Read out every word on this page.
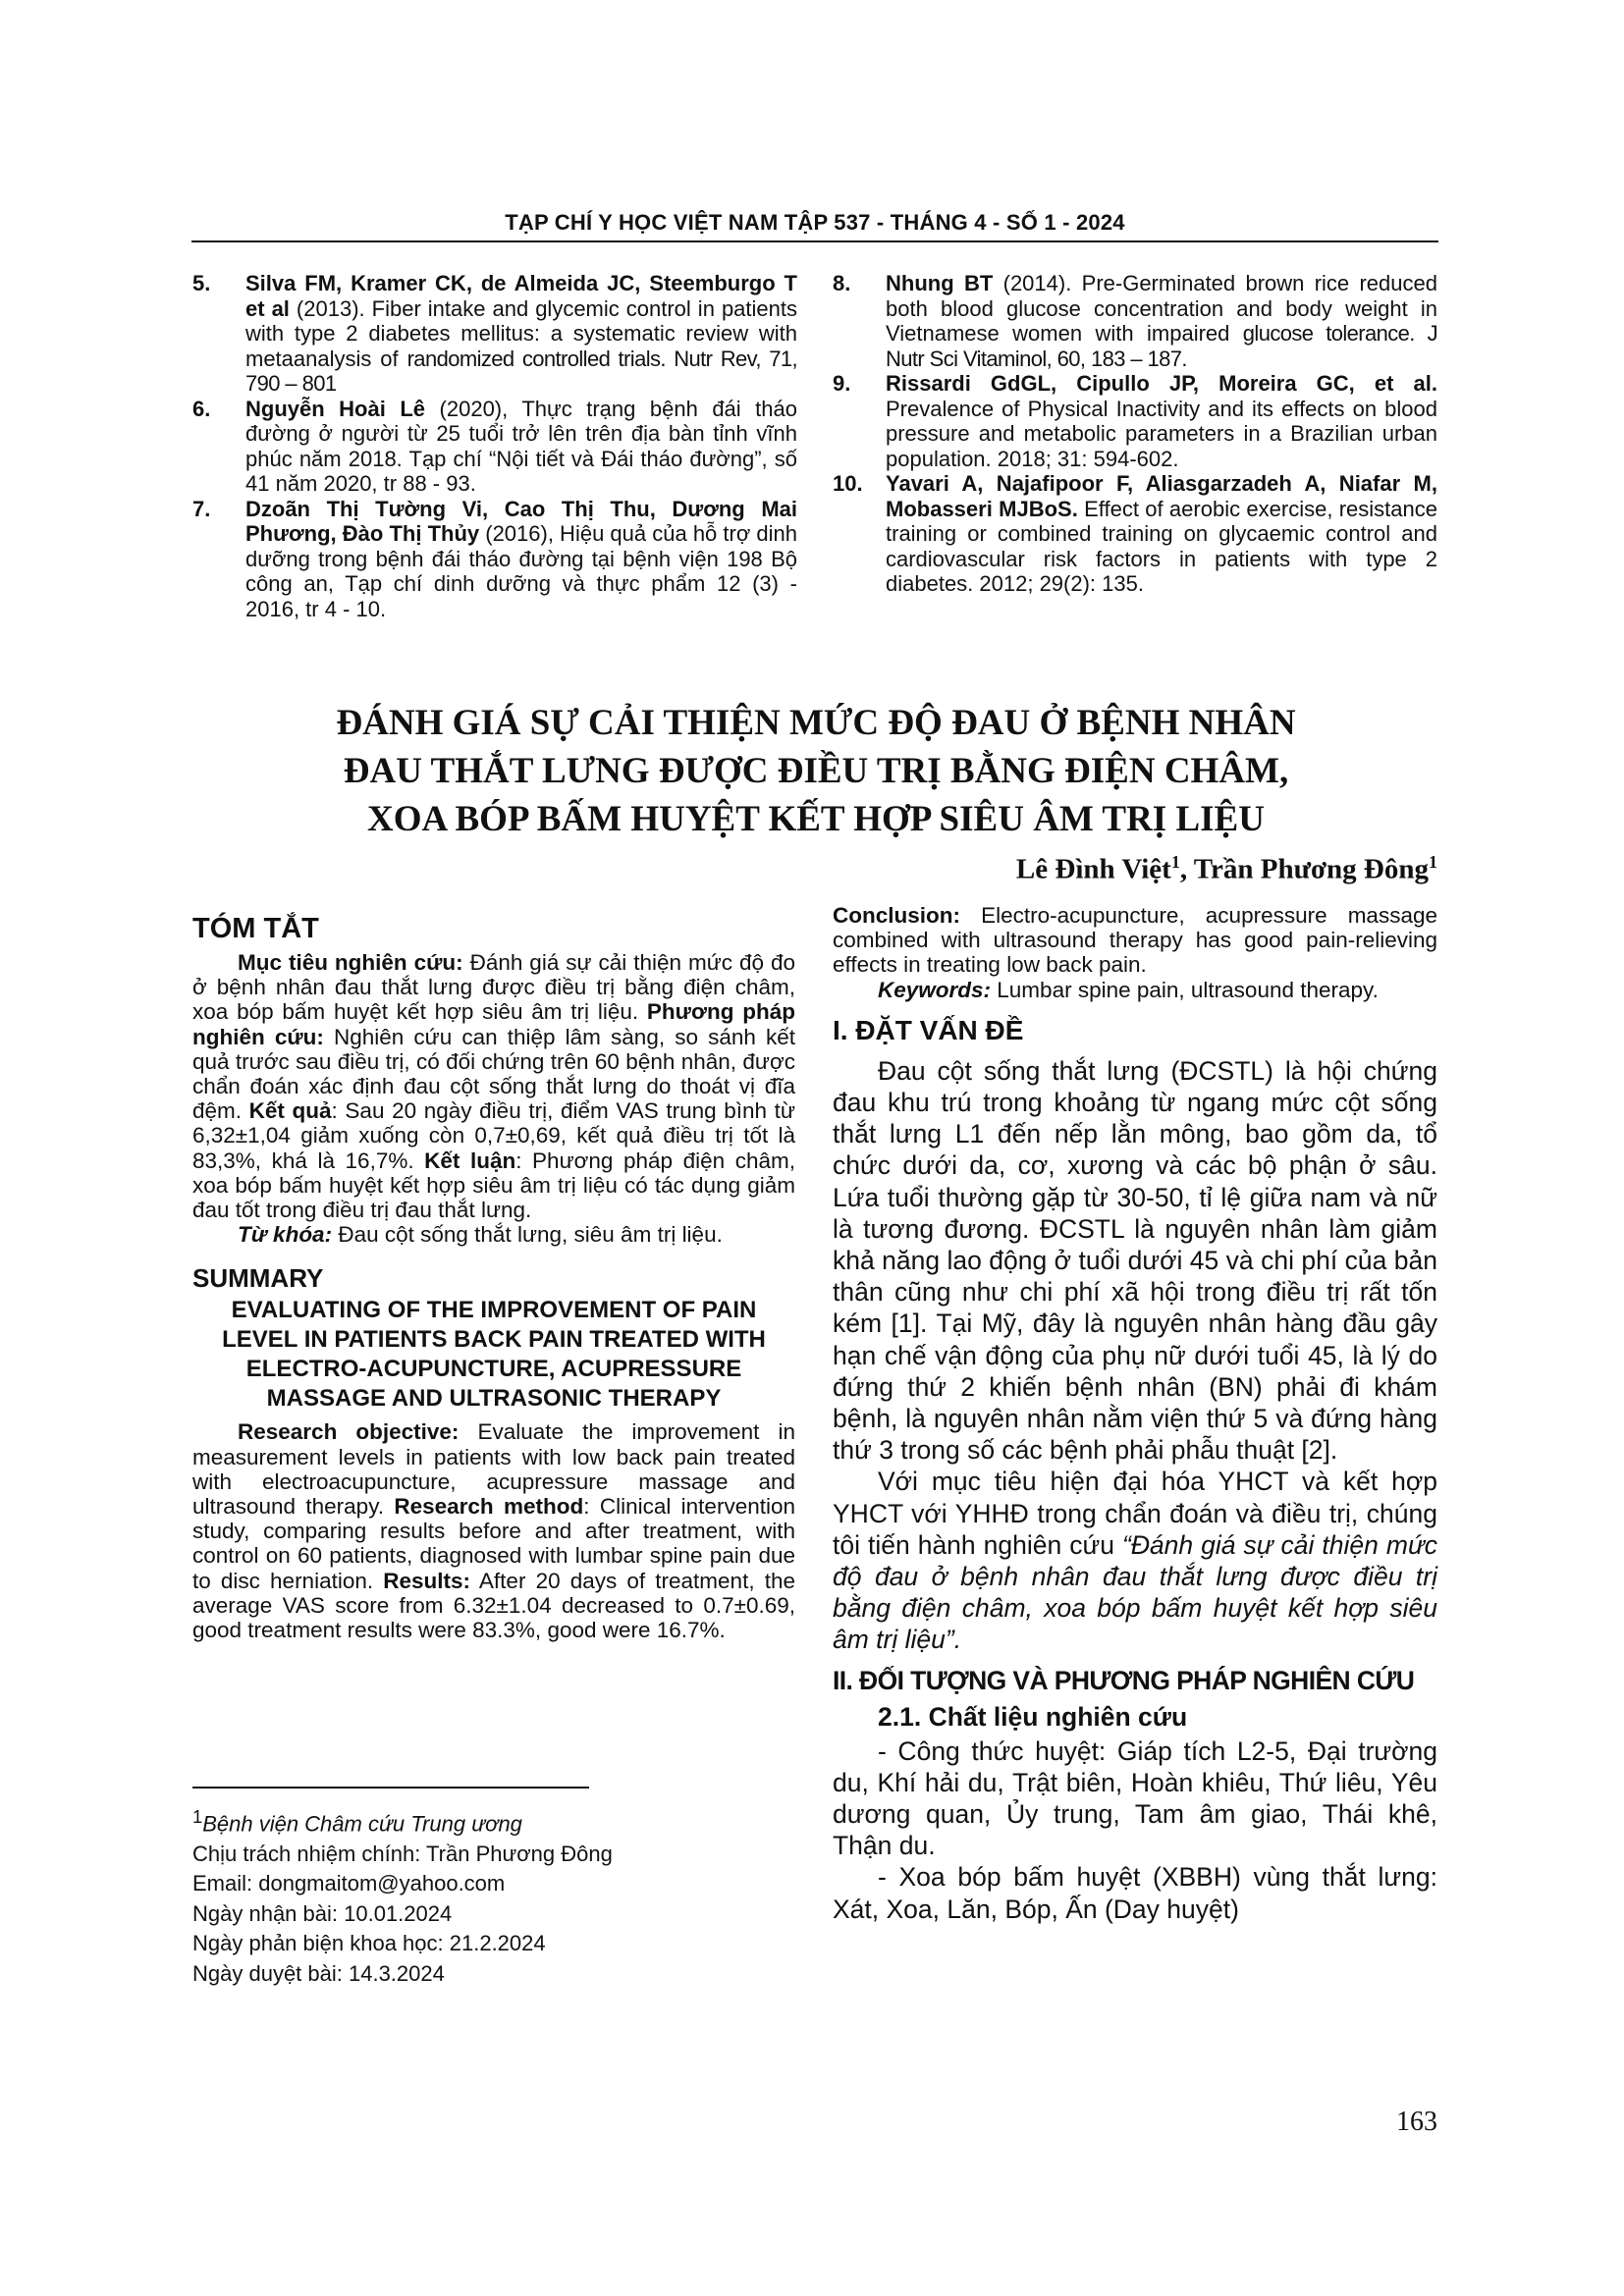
TẠP CHÍ Y HỌC VIỆT NAM TẬP 537 - THÁNG 4 - SỐ 1 - 2024
5.	Silva FM, Kramer CK, de Almeida JC, Steemburgo T et al (2013). Fiber intake and glycemic control in patients with type 2 diabetes mellitus: a systematic review with metaanalysis of randomized controlled trials. Nutr Rev, 71, 790 – 801
6.	Nguyễn Hoài Lê (2020), Thực trạng bệnh đái tháo đường ở người từ 25 tuổi trở lên trên địa bàn tỉnh vĩnh phúc năm 2018. Tạp chí “Nội tiết và Đái tháo đường”, số 41 năm 2020, tr 88 - 93.
7.	Dzoãn Thị Tường Vi, Cao Thị Thu, Dương Mai Phương, Đào Thị Thủy (2016), Hiệu quả của hỗ trợ dinh dưỡng trong bệnh đái tháo đường tại bệnh viện 198 Bộ công an, Tạp chí dinh dưỡng và thực phẩm 12 (3) - 2016, tr 4 - 10.
8.	Nhung BT (2014). Pre-Germinated brown rice reduced both blood glucose concentration and body weight in Vietnamese women with impaired glucose tolerance. J Nutr Sci Vitaminol, 60, 183 – 187.
9.	Rissardi GdGL, Cipullo JP, Moreira GC, et al. Prevalence of Physical Inactivity and its effects on blood pressure and metabolic parameters in a Brazilian urban population. 2018; 31: 594-602.
10.	Yavari A, Najafipoor F, Aliasgarzadeh A, Niafar M, Mobasseri MJBoS. Effect of aerobic exercise, resistance training or combined training on glycaemic control and cardiovascular risk factors in patients with type 2 diabetes. 2012; 29(2): 135.
ĐÁNH GIÁ SỰ CẢI THIỆN MỨC ĐỘ ĐAU Ở BỆNH NHÂN
ĐAU THẮT LƯNG ĐƯỢC ĐIỀU TRỊ BẰNG ĐIỆN CHÂM,
XOA BÓP BẤM HUYỆT KẾT HỢP SIÊU ÂM TRỊ LIỆU
Lê Đình Việt$^1$, Trần Phương Đông$^1$
TÓM TẮT

Mục tiêu nghiên cứu: Đánh giá sự cải thiện mức độ đo ở bệnh nhân đau thắt lưng được điều trị bằng điện châm, xoa bóp bấm huyệt kết hợp siêu âm trị liệu. Phương pháp nghiên cứu: Nghiên cứu can thiệp lâm sàng, so sánh kết quả trước sau điều trị, có đối chứng trên 60 bệnh nhân, được chẩn đoán xác định đau cột sống thắt lưng do thoát vị đĩa đệm. Kết quả: Sau 20 ngày điều trị, điểm VAS trung bình từ 6,32±1,04 giảm xuống còn 0,7±0,69, kết quả điều trị tốt là 83,3%, khá là 16,7%. Kết luận: Phương pháp điện châm, xoa bóp bấm huyệt kết hợp siêu âm trị liệu có tác dụng giảm đau tốt trong điều trị đau thắt lưng.

Từ khóa: Đau cột sống thắt lưng, siêu âm trị liệu.

SUMMARY
EVALUATING OF THE IMPROVEMENT OF PAIN LEVEL IN PATIENTS BACK PAIN TREATED WITH ELECTRO-ACUPUNCTURE, ACUPRESSURE MASSAGE AND ULTRASONIC THERAPY

Research objective: Evaluate the improvement in measurement levels in patients with low back pain treated with electroacupuncture, acupressure massage and ultrasound therapy. Research method: Clinical intervention study, comparing results before and after treatment, with control on 60 patients, diagnosed with lumbar spine pain due to disc herniation. Results: After 20 days of treatment, the average VAS score from 6.32±1.04 decreased to 0.7±0.69, good treatment results were 83.3%, good were 16.7%.

$^1$Bệnh viện Châm cứu Trung ương
Chịu trách nhiệm chính: Trần Phương Đông
Email: dongmaitom@yahoo.com
Ngày nhận bài: 10.01.2024
Ngày phản biện khoa học: 21.2.2024
Ngày duyệt bài: 14.3.2024

Conclusion: Electro-acupuncture, acupressure massage combined with ultrasound therapy has good pain-relieving effects in treating low back pain.

Keywords: Lumbar spine pain, ultrasound therapy.

I. ĐẶT VẤN ĐỀ

Đau cột sống thắt lưng (ĐCSTL) là hội chứng đau khu trú trong khoảng từ ngang mức cột sống thắt lưng L1 đến nếp lằn mông, bao gồm da, tổ chức dưới da, cơ, xương và các bộ phận ở sâu. Lứa tuổi thường gặp từ 30-50, tỉ lệ giữa nam và nữ là tương đương. ĐCSTL là nguyên nhân làm giảm khả năng lao động ở tuổi dưới 45 và chi phí của bản thân cũng như chi phí xã hội trong điều trị rất tốn kém [1]. Tại Mỹ, đây là nguyên nhân hàng đầu gây hạn chế vận động của phụ nữ dưới tuổi 45, là lý do đứng thứ 2 khiến bệnh nhân (BN) phải đi khám bệnh, là nguyên nhân nằm viện thứ 5 và đứng hàng thứ 3 trong số các bệnh phải phẫu thuật [2].

Với mục tiêu hiện đại hóa YHCT và kết hợp YHCT với YHHĐ trong chẩn đoán và điều trị, chúng tôi tiến hành nghiên cứu “Đánh giá sự cải thiện mức độ đau ở bệnh nhân đau thắt lưng được điều trị bằng điện châm, xoa bóp bấm huyệt kết hợp siêu âm trị liệu”.

II. ĐỐI TƯỢNG VÀ PHƯƠNG PHÁP NGHIÊN CỨU
2.1. Chất liệu nghiên cứu

- Công thức huyệt: Giáp tích L2-5, Đại trường du, Khí hải du, Trật biên, Hoàn khiêu, Thứ liêu, Yêu dương quan, Ủy trung, Tam âm giao, Thái khê, Thận du.

- Xoa bóp bấm huyệt (XBBH) vùng thắt lưng: Xát, Xoa, Lăn, Bóp, Ấn (Day huyệt)

163
